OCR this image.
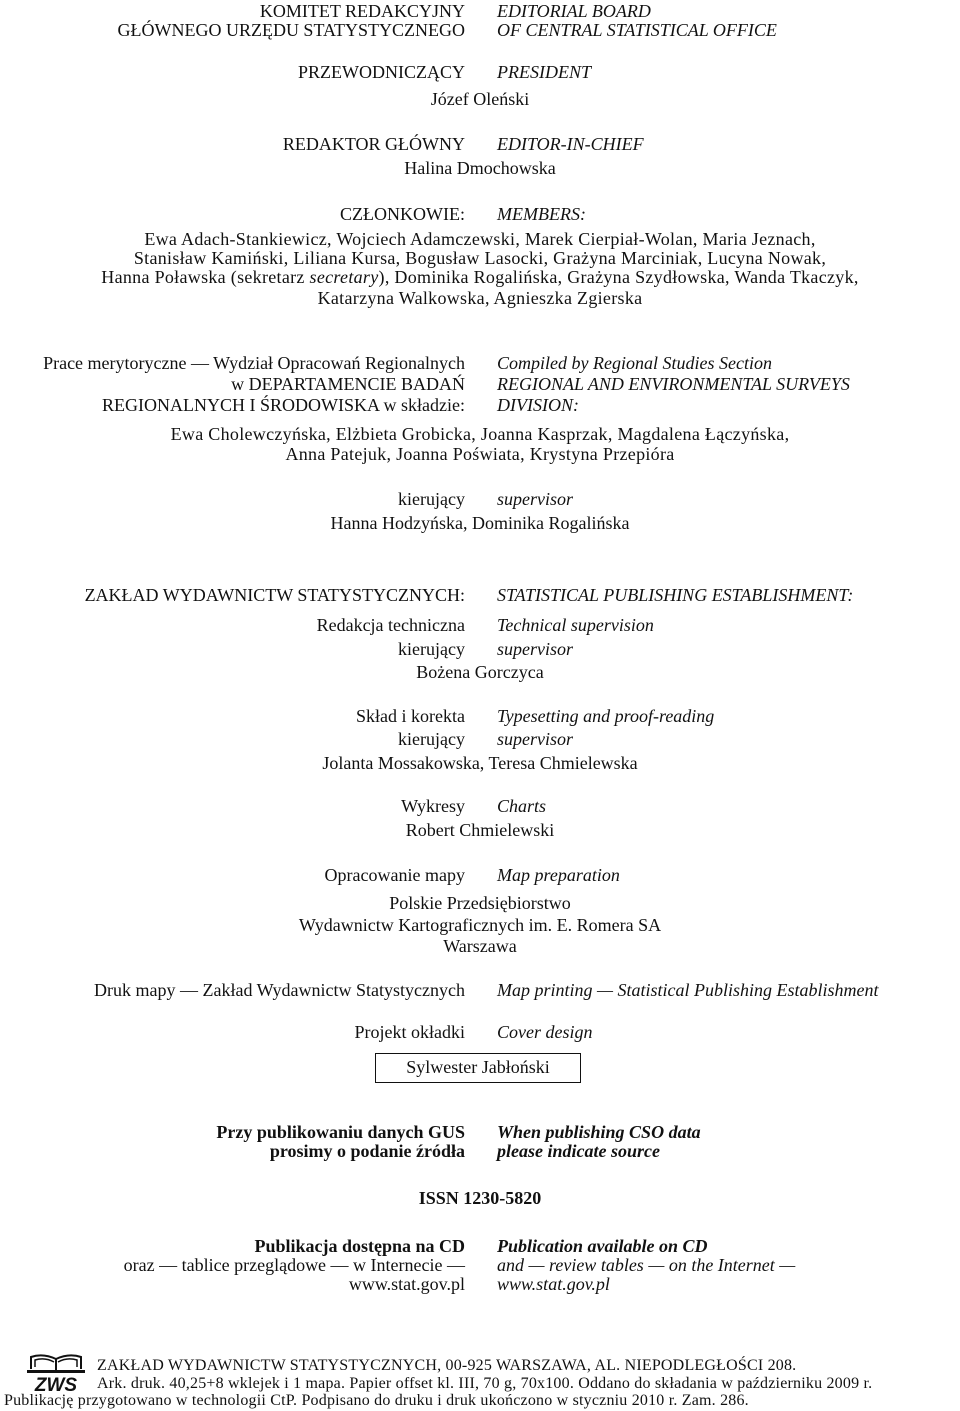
KOMITET REDAKCYJNY EDITORIAL BOARD
GŁÓWNEGO URZĘDU STATYSTYCZNEGO OF CENTRAL STATISTICAL OFFICE
PRZEWODNICZĄCY PRESIDENT
Józef Oleński
REDAKTOR GŁÓWNY EDITOR-IN-CHIEF
Halina Dmochowska
CZŁONKOWIE: MEMBERS:
Ewa Adach-Stankiewicz, Wojciech Adamczewski, Marek Cierpiał-Wolan, Maria Jeznach,
Stanisław Kamiński, Liliana Kursa, Bogusław Lasocki, Grażyna Marciniak, Lucyna Nowak,
Hanna Poławska (sekretarz secretary), Dominika Rogalińska, Grażyna Szydłowska, Wanda Tkaczyk,
Katarzyna Walkowska, Agnieszka Zgierska
Prace merytoryczne — Wydział Opracowań Regionalnych Compiled by Regional Studies Section
w DEPARTAMENCIE BADAŃ REGIONAL AND ENVIRONMENTAL SURVEYS
REGIONALNYCH I ŚRODOWISKA w składzie: DIVISION:
Ewa Cholewczyńska, Elżbieta Grobicka, Joanna Kasprzak, Magdalena Łączyńska,
Anna Patejuk, Joanna Poświata, Krystyna Przepióra
kierujący supervisor
Hanna Hodzyńska, Dominika Rogalińska
ZAKŁAD WYDAWNICTW STATYSTYCZNYCH: STATISTICAL PUBLISHING ESTABLISHMENT:
Redakcja techniczna Technical supervision
kierujący supervisor
Bożena Gorczyca
Skład i korekta Typesetting and proof-reading
kierujący supervisor
Jolanta Mossakowska, Teresa Chmielewska
Wykresy Charts
Robert Chmielewski
Opracowanie mapy Map preparation
Polskie Przedsiębiorstwo
Wydawnictw Kartograficznych im. E. Romera SA
Warszawa
Druk mapy — Zakład Wydawnictw Statystycznych Map printing — Statistical Publishing Establishment
Projekt okładki Cover design
Sylwester Jabłoński
Przy publikowaniu danych GUS When publishing CSO data
prosimy o podanie źródła please indicate source
ISSN 1230-5820
Publikacja dostępna na CD Publication available on CD
oraz — tablice przeglądowe — w Internecie — and — review tables — on the Internet —
www.stat.gov.pl www.stat.gov.pl
ZWS
ZAKŁAD WYDAWNICTW STATYSTYCZNYCH, 00-925 WARSZAWA, AL. NIEPODLEGŁOŚCI 208.
Ark. druk. 40,25+8 wklejek i 1 mapa. Papier offset kl. III, 70 g, 70x100. Oddano do składania w październiku 2009 r.
Publikację przygotowano w technologii CtP. Podpisano do druku i druk ukończono w styczniu 2010 r. Zam. 286.
